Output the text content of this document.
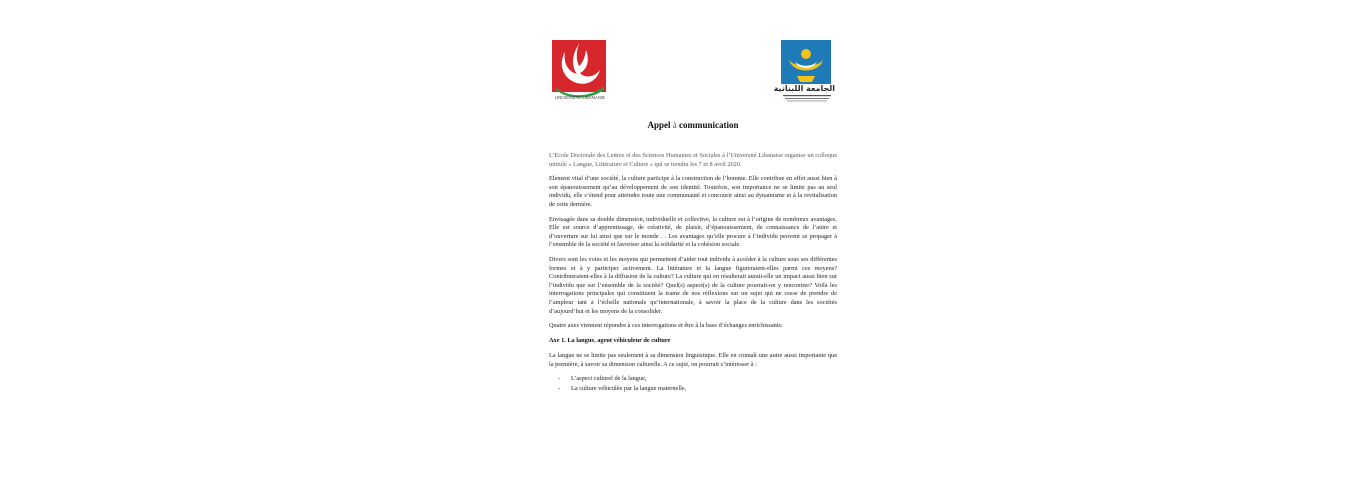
UNIVERSITE LIBANAISE
الجامعة اللبنانية
Appel à communication

L’Ecole Doctorale des Lettres et des Sciences Humaines et Sociales à l’Université Libanaise organise un colloque intitulé « Langue, Littérature et Culture » qui se tiendra les 7 et 8 avril 2020.

Element vital d’une société, la culture participe à la construction de l’homme. Elle contribue en effet aussi bien à son épanouissement qu’au développement de son identité. Toutefois, son importance ne se limite pas au seul individu, elle s’étend pour atteindre toute une communauté et concourir ainsi au dynamisme et à la revitalisation de cette dernière.

Envisagée dans sa double dimension, individuelle et collective, la culture est à l’origine de nombreux avantages. Elle est source d’apprentissage, de créativité, de plaisir, d’épanouissement, de connaissance de l’autre et d’ouverture sur lui ainsi que sur le monde . . Les avantages qu’elle procure à l’individu peuvent se propager à l’ensemble de la société et favoriser ainsi la solidarité et la cohésion sociale.

Divers sont les voies et les moyens qui permettent d’aider tout individu à accéder à la culture sous ses différentes formes et à y participer activement. La littérature et la langue figureraient-elles parmi ces moyens? Contribueraient-elles à la diffusion de la culture? La culture qui en résulterait aurait-elle un impact aussi bien sur l’individu que sur l’ensemble de la société? Quel(s) aspect(s) de la culture pourrait-on y rencontrer? Voilà les interrogations principales qui constituent la trame de nos réflexions sur un sujet qui ne cesse de prendre de l’ampleur tant à l’échelle nationale qu’internationale, à savoir la place de la culture dans les sociétés d’aujourd’hui et les moyens de la consolider.

Quatre axes viennent répondre à ces interrogations et être à la base d’échanges enrichissants:

Axe 1. La langue, agent véhiculeur de culture

La langue ne se limite pas seulement à sa dimension linguistique. Elle en connaît une autre aussi importante que la première, à savoir sa dimension culturelle. A ce sujet, on pourrait s’intéresser à :

- L’aspect culturel de la langue,
- La culture véhiculée par la langue maternelle,
